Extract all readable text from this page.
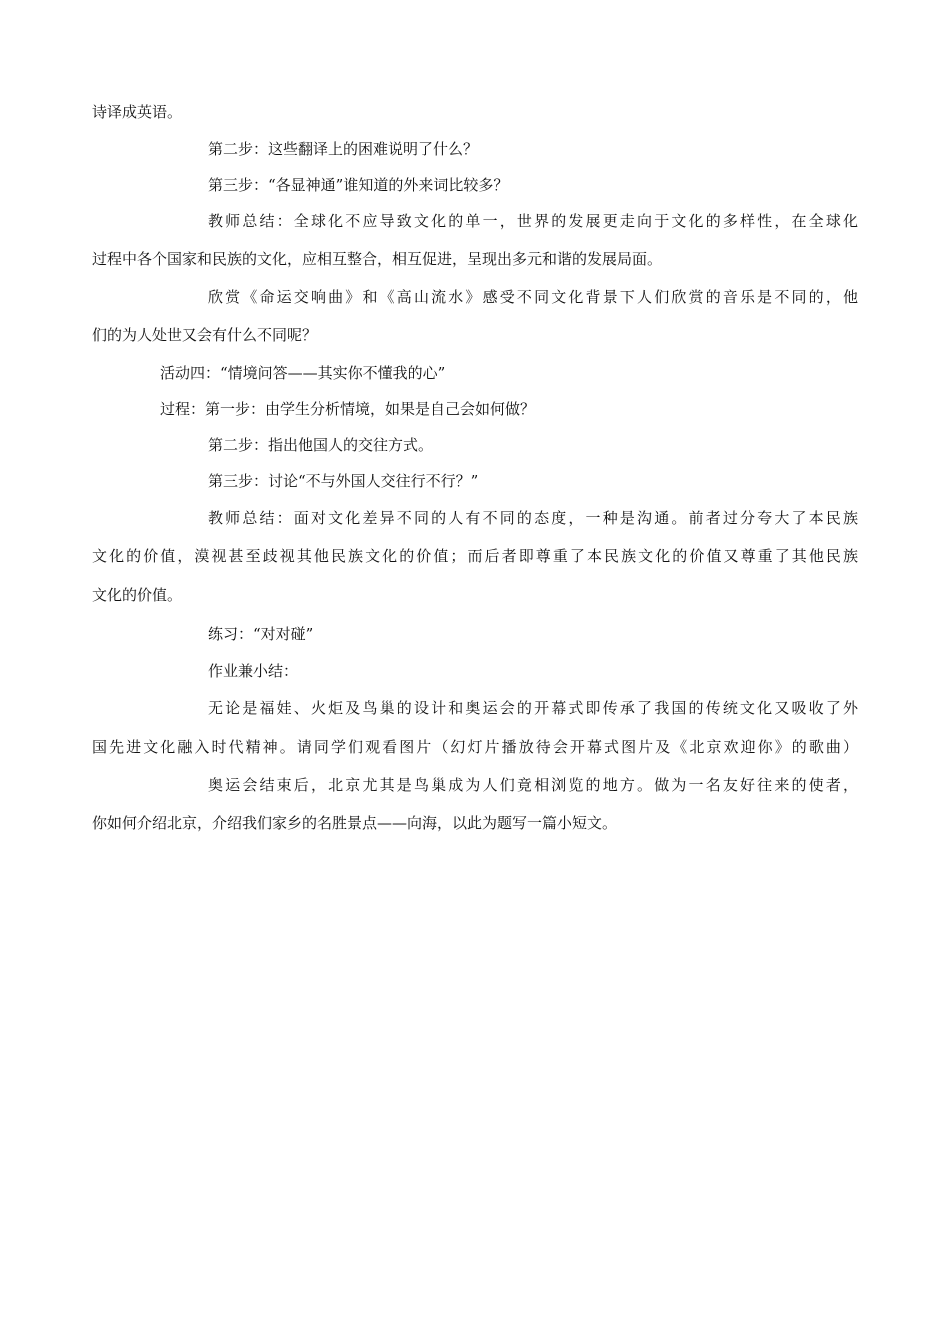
诗译成英语。
第二步：这些翻译上的困难说明了什么？
第三步：“各显神通”谁知道的外来词比较多？
教师总结：全球化不应导致文化的单一，世界的发展更走向于文化的多样性，在全球化
过程中各个国家和民族的文化，应相互整合，相互促进，呈现出多元和谐的发展局面。
欣赏《命运交响曲》和《高山流水》感受不同文化背景下人们欣赏的音乐是不同的，他
们的为人处世又会有什么不同呢？
活动四：“情境问答——其实你不懂我的心”
过程：第一步：由学生分析情境，如果是自己会如何做？
第二步：指出他国人的交往方式。
第三步：讨论“不与外国人交往行不行？”
教师总结：面对文化差异不同的人有不同的态度，一种是沟通。前者过分夸大了本民族
文化的价值，漠视甚至歧视其他民族文化的价值；而后者即尊重了本民族文化的价值又尊重了其他民族
文化的价值。
练习：“对对碰”
作业兼小结：
无论是福娃、火炬及鸟巢的设计和奥运会的开幕式即传承了我国的传统文化又吸收了外
国先进文化融入时代精神。请同学们观看图片（幻灯片播放待会开幕式图片及《北京欢迎你》的歌曲）
奥运会结束后，北京尤其是鸟巢成为人们竟相浏览的地方。做为一名友好往来的使者，
你如何介绍北京，介绍我们家乡的名胜景点——向海，以此为题写一篇小短文。
